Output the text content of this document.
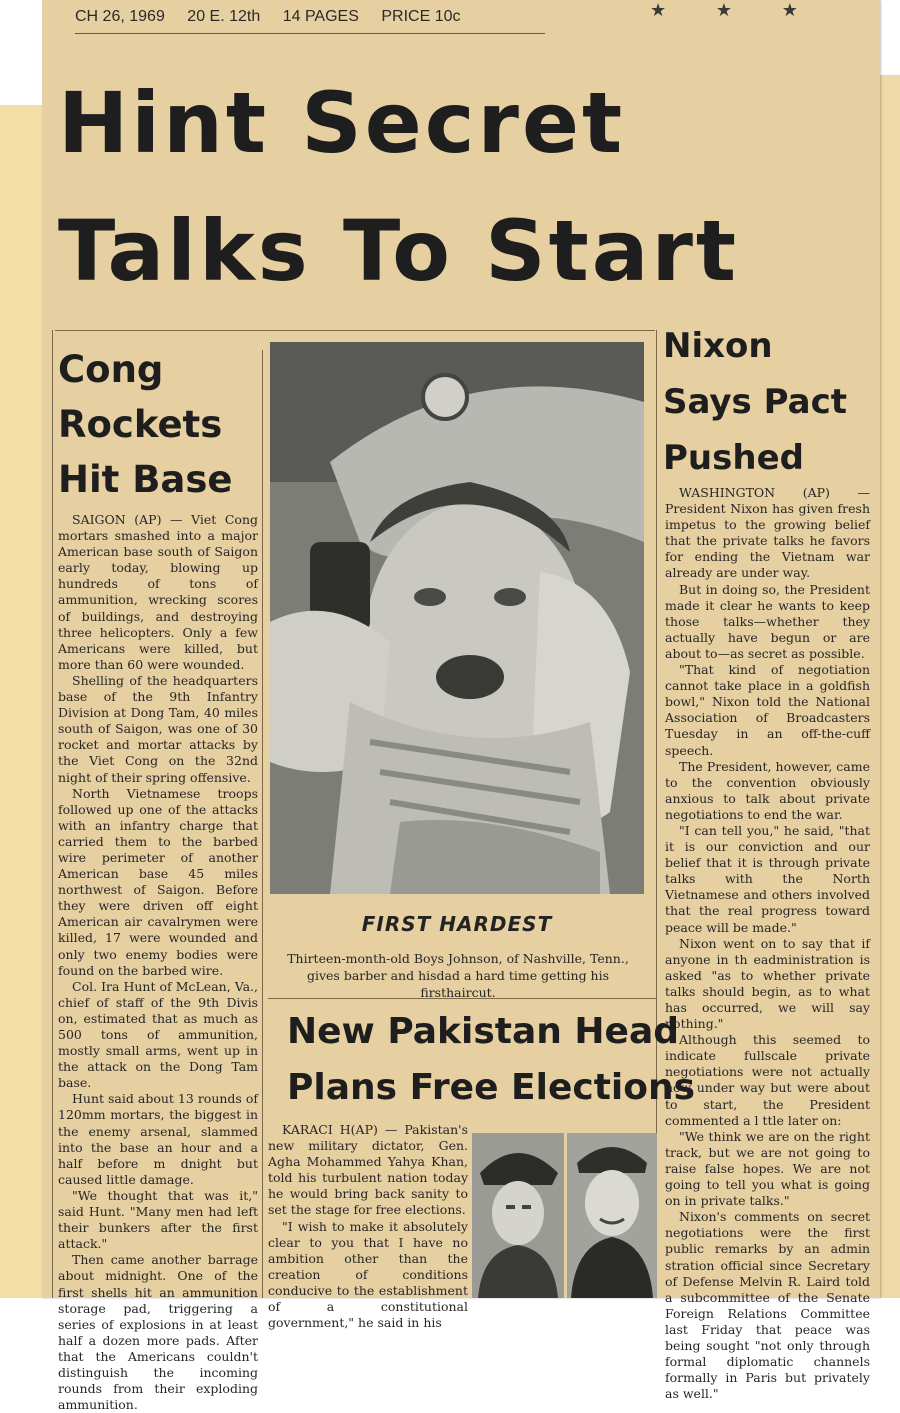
CH 26, 1969 20 E. 12th 14 PAGES PRICE 10c	★ ★ ★
Hint Secret
Talks To Start
Cong
Rockets
Hit Base

SAIGON (AP) — Viet Cong mortars smashed into a major American base south of Saigon early today, blowing up hundreds of tons of ammunition, wrecking scores of buildings, and destroying three helicopters. Only a few Americans were killed, but more than 60 were wounded.

Shelling of the headquarters base of the 9th Infantry Division at Dong Tam, 40 miles south of Saigon, was one of 30 rocket and mortar attacks by the Viet Cong on the 32nd night of their spring offensive.

North Vietnamese troops followed up one of the attacks with an infantry charge that carried them to the barbed wire perimeter of another American base 45 miles northwest of Saigon. Before they were driven off eight American air cavalrymen were killed, 17 were wounded and only two enemy bodies were found on the barbed wire.

Col. Ira Hunt of McLean, Va., chief of staff of the 9th Divis on, estimated that as much as 500 tons of ammunition, mostly small arms, went up in the attack on the Dong Tam base.

Hunt said about 13 rounds of 120mm mortars, the biggest in the enemy arsenal, slammed into the base an hour and a half before m dnight but caused little damage.

"We thought that was it," said Hunt. "Many men had left their bunkers after the first attack."

Then came another barrage about midnight. One of the first shells hit an ammunition storage pad, triggering a series of explosions in at least half a dozen more pads. After that the Americans couldn't distinguish the incoming rounds from their exploding ammunition.

FIRST HARDEST
Thirteen-month-old Boys Johnson, of Nashville, Tenn., gives barber and hisdad a hard time getting his firsthaircut.
Nixon
Says Pact
Pushed

WASHINGTON (AP) — President Nixon has given fresh impetus to the growing belief that the private talks he favors for ending the Vietnam war already are under way.

But in doing so, the President made it clear he wants to keep those talks—whether they actually have begun or are about to—as secret as possible.

"That kind of negotiation cannot take place in a goldfish bowl," Nixon told the National Association of Broadcasters Tuesday in an off-the-cuff speech.

The President, however, came to the convention obviously anxious to talk about private negotiations to end the war.

"I can tell you," he said, "that it is our conviction and our belief that it is through private talks with the North Vietnamese and others involved that the real progress toward peace will be made."

Nixon went on to say that if anyone in th eadministration is asked "as to whether private talks should begin, as to what has occurred, we will say nothing."

Although this seemed to indicate fullscale private negotiations were not actually now under way but were about to start, the President commented a l ttle later on:

"We think we are on the right track, but we are not going to raise false hopes. We are not going to tell you what is going on in private talks."

Nixon's comments on secret negotiations were the first public remarks by an admin stration official since Secretary of Defense Melvin R. Laird told a subcommittee of the Senate Foreign Relations Committee last Friday that peace was being sought "not only through formal diplomatic channels formally in Paris but privately as well."

New Pakistan Head
Plans Free Elections

KARACI H(AP) — Pakistan's new military dictator, Gen. Agha Mohammed Yahya Khan, told his turbulent nation today he would bring back sanity to set the stage for free elections.

"I wish to make it absolutely clear to you that I have no ambition other than the creation of conditions conducive to the establishment of a constitutional government," he said in his
